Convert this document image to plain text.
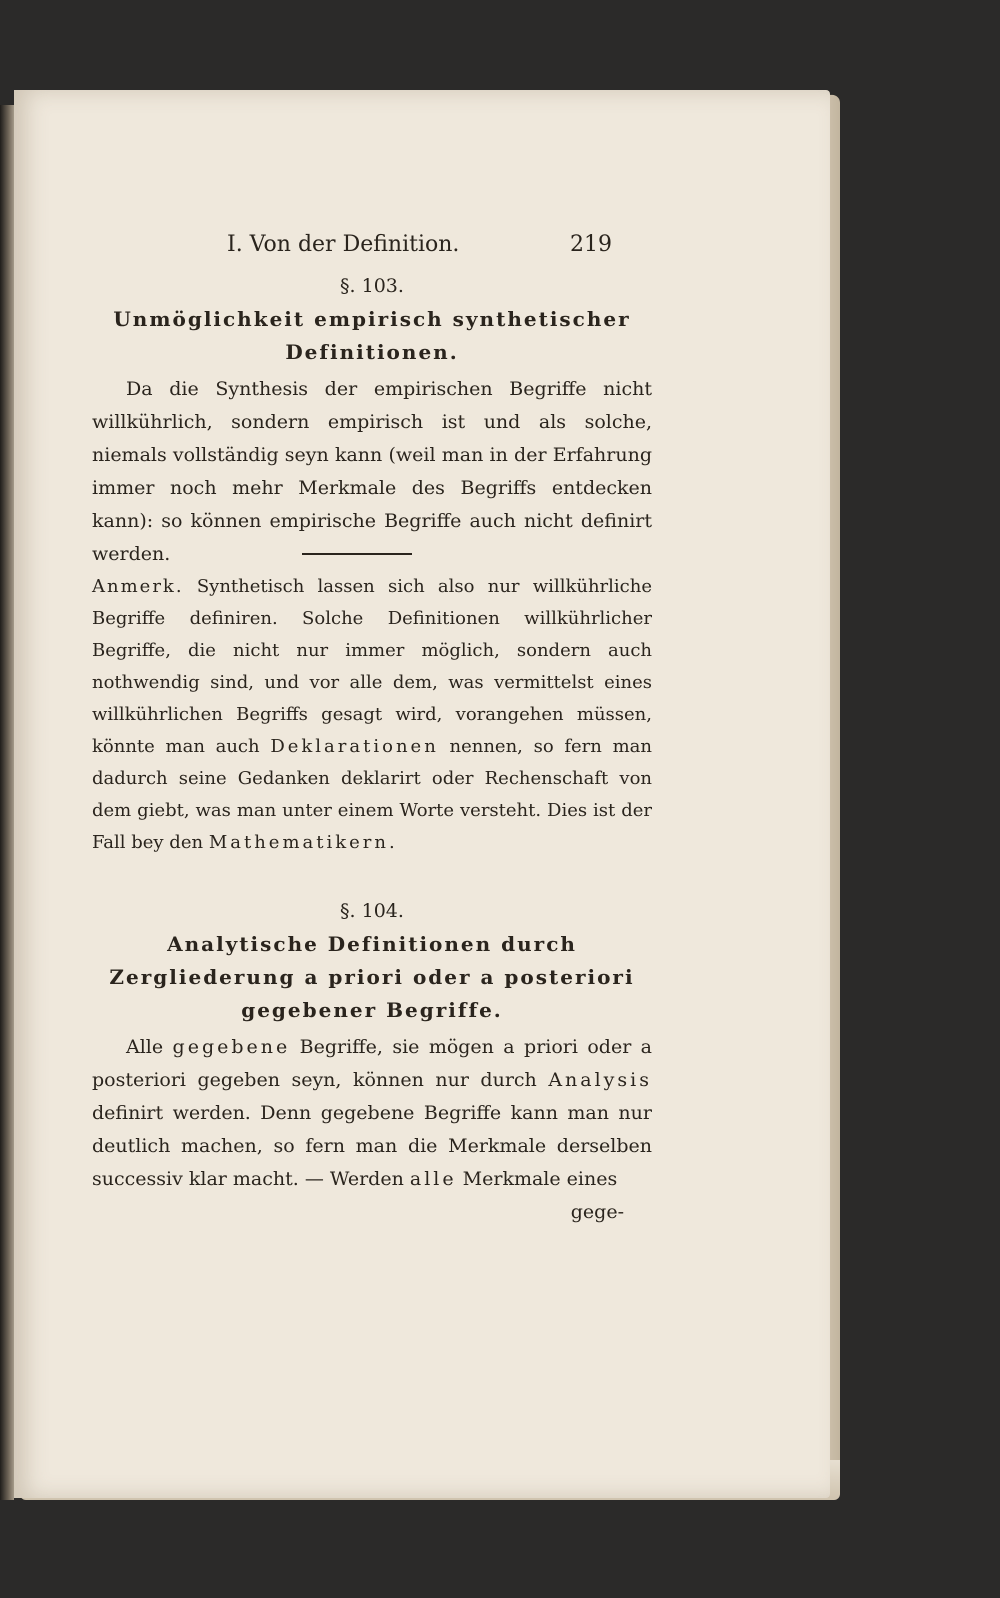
I. Von der Definition.	219
§. 103.
Unmöglichkeit empirisch synthetischer Definitionen.

Da die Synthesis der empirischen Begriffe nicht willkührlich, sondern empirisch ist und als solche, niemals vollständig seyn kann (weil man in der Erfahrung immer noch mehr Merkmale des Begriffs entdecken kann): so können empirische Begriffe auch nicht definirt werden.

Anmerk. Synthetisch lassen sich also nur willkührliche Begriffe definiren. Solche Definitionen willkührlicher Begriffe, die nicht nur immer möglich, sondern auch nothwendig sind, und vor alle dem, was vermittelst eines willkührlichen Begriffs gesagt wird, vorangehen müssen, könnte man auch Deklarationen nennen, so fern man dadurch seine Gedanken deklarirt oder Rechenschaft von dem giebt, was man unter einem Worte versteht. Dies ist der Fall bey den Mathematikern.

§. 104.
Analytische Definitionen durch Zergliederung a priori oder a posteriori gegebener Begriffe.

Alle gegebene Begriffe, sie mögen a priori oder a posteriori gegeben seyn, können nur durch Analysis definirt werden. Denn gegebene Begriffe kann man nur deutlich machen, so fern man die Merkmale derselben successiv klar macht. — Werden alle Merkmale eines

gege-
